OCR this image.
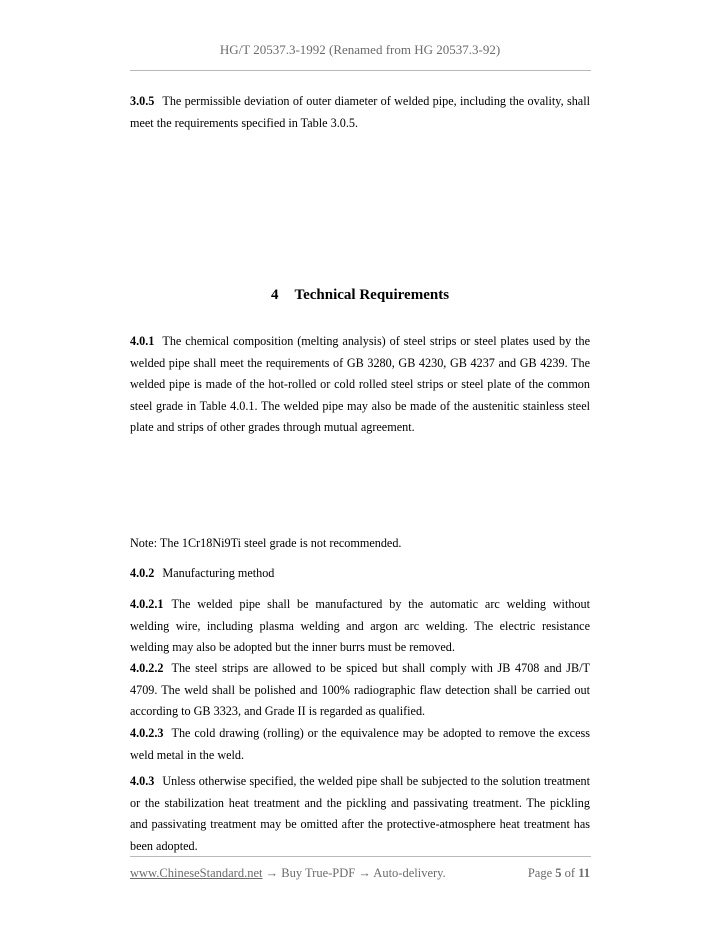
HG/T 20537.3-1992 (Renamed from HG 20537.3-92)

3.0.5 The permissible deviation of outer diameter of welded pipe, including the ovality, shall meet the requirements specified in Table 3.0.5.

4 Technical Requirements

4.0.1 The chemical composition (melting analysis) of steel strips or steel plates used by the welded pipe shall meet the requirements of GB 3280, GB 4230, GB 4237 and GB 4239. The welded pipe is made of the hot-rolled or cold rolled steel strips or steel plate of the common steel grade in Table 4.0.1. The welded pipe may also be made of the austenitic stainless steel plate and strips of other grades through mutual agreement.

Note: The 1Cr18Ni9Ti steel grade is not recommended.

4.0.2 Manufacturing method

4.0.2.1 The welded pipe shall be manufactured by the automatic arc welding without welding wire, including plasma welding and argon arc welding. The electric resistance welding may also be adopted but the inner burrs must be removed.

4.0.2.2 The steel strips are allowed to be spiced but shall comply with JB 4708 and JB/T 4709. The weld shall be polished and 100% radiographic flaw detection shall be carried out according to GB 3323, and Grade II is regarded as qualified.

4.0.2.3 The cold drawing (rolling) or the equivalence may be adopted to remove the excess weld metal in the weld.

4.0.3 Unless otherwise specified, the welded pipe shall be subjected to the solution treatment or the stabilization heat treatment and the pickling and passivating treatment. The pickling and passivating treatment may be omitted after the protective-atmosphere heat treatment has been adopted.

www.ChineseStandard.net → Buy True-PDF → Auto-delivery.	Page 5 of 11
